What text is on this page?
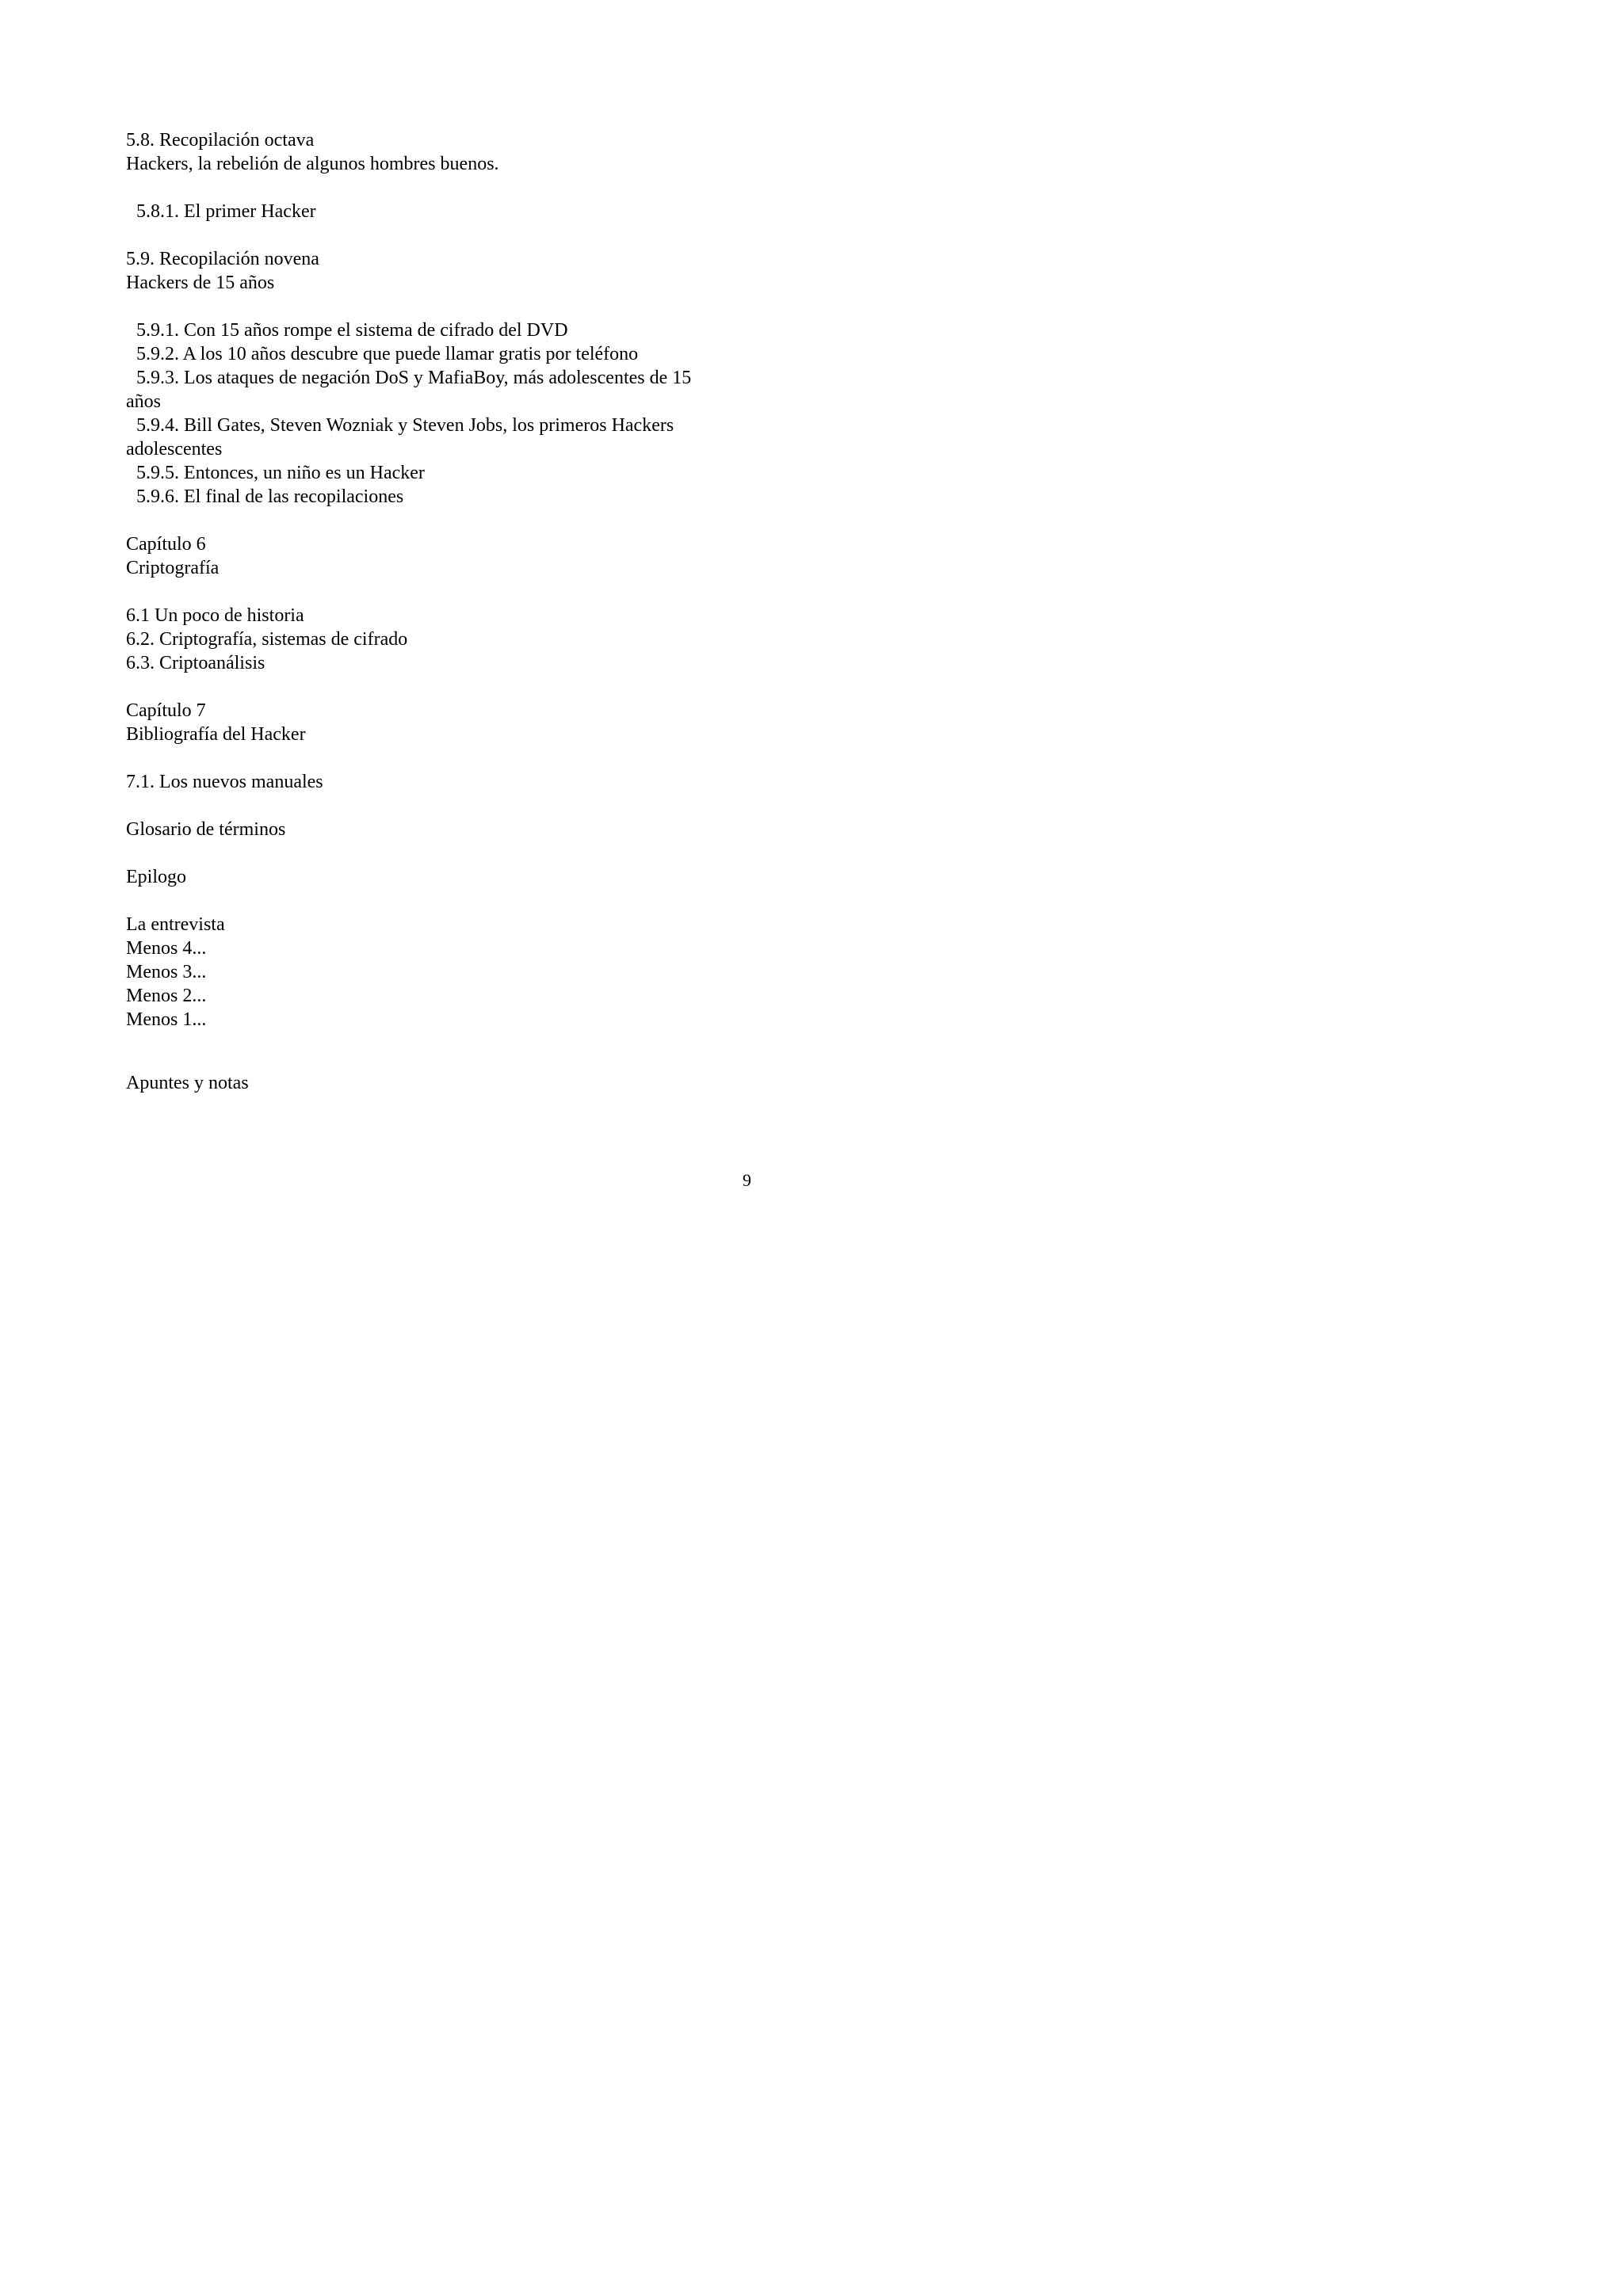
5.8. Recopilación octava
Hackers, la rebelión de algunos hombres buenos.
5.8.1. El primer Hacker
5.9. Recopilación novena
Hackers de 15 años
5.9.1. Con 15 años rompe el sistema de cifrado del DVD
5.9.2. A los 10 años descubre que puede llamar gratis por teléfono
5.9.3. Los ataques de negación DoS y MafiaBoy, más adolescentes de 15
años
5.9.4. Bill Gates, Steven Wozniak y Steven Jobs, los primeros Hackers
adolescentes
5.9.5. Entonces, un niño es un Hacker
5.9.6. El final de las recopilaciones
Capítulo 6
Criptografía
6.1 Un poco de historia
6.2. Criptografía, sistemas de cifrado
6.3. Criptoanálisis
Capítulo 7
Bibliografía del Hacker
7.1. Los nuevos manuales
Glosario de términos
Epilogo
La entrevista
Menos 4...
Menos 3...
Menos 2...
Menos 1...
Apuntes y notas
9
